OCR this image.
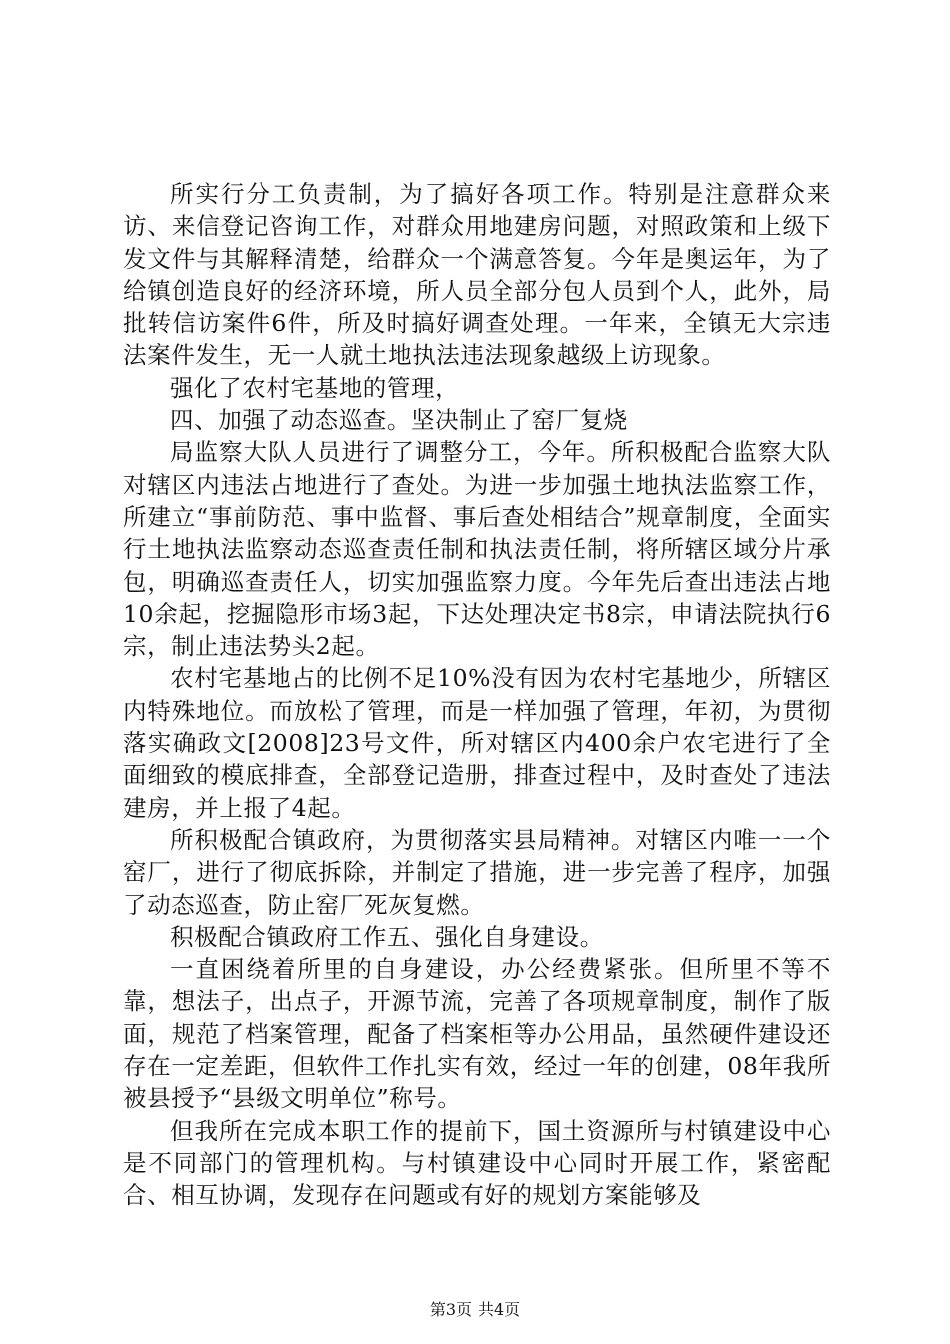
所实行分工负责制，为了搞好各项工作。特别是注意群众来访、来信登记咨询工作，对群众用地建房问题，对照政策和上级下发文件与其解释清楚，给群众一个满意答复。今年是奥运年，为了给镇创造良好的经济环境，所人员全部分包人员到个人，此外，局批转信访案件6件，所及时搞好调查处理。一年来，全镇无大宗违法案件发生，无一人就土地执法违法现象越级上访现象。

强化了农村宅基地的管理，

四、加强了动态巡查。坚决制止了窑厂复烧

局监察大队人员进行了调整分工，今年。所积极配合监察大队对辖区内违法占地进行了查处。为进一步加强土地执法监察工作，所建立“事前防范、事中监督、事后查处相结合”规章制度，全面实行土地执法监察动态巡查责任制和执法责任制，将所辖区域分片承包，明确巡查责任人，切实加强监察力度。今年先后查出违法占地10余起，挖掘隐形市场3起，下达处理决定书8宗，申请法院执行6宗，制止违法势头2起。

农村宅基地占的比例不足10%没有因为农村宅基地少，所辖区内特殊地位。而放松了管理，而是一样加强了管理，年初，为贯彻落实确政文[2008]23号文件，所对辖区内400余户农宅进行了全面细致的模底排查，全部登记造册，排查过程中，及时查处了违法建房，并上报了4起。

所积极配合镇政府，为贯彻落实县局精神。对辖区内唯一一个窑厂，进行了彻底拆除，并制定了措施，进一步完善了程序，加强了动态巡查，防止窑厂死灰复燃。

积极配合镇政府工作五、强化自身建设。

一直困绕着所里的自身建设，办公经费紧张。但所里不等不靠，想法子，出点子，开源节流，完善了各项规章制度，制作了版面，规范了档案管理，配备了档案柜等办公用品，虽然硬件建设还存在一定差距，但软件工作扎实有效，经过一年的创建，08年我所被县授予“县级文明单位”称号。

但我所在完成本职工作的提前下，国土资源所与村镇建设中心是不同部门的管理机构。与村镇建设中心同时开展工作，紧密配合、相互协调，发现存在问题或有好的规划方案能够及

第3页 共4页
